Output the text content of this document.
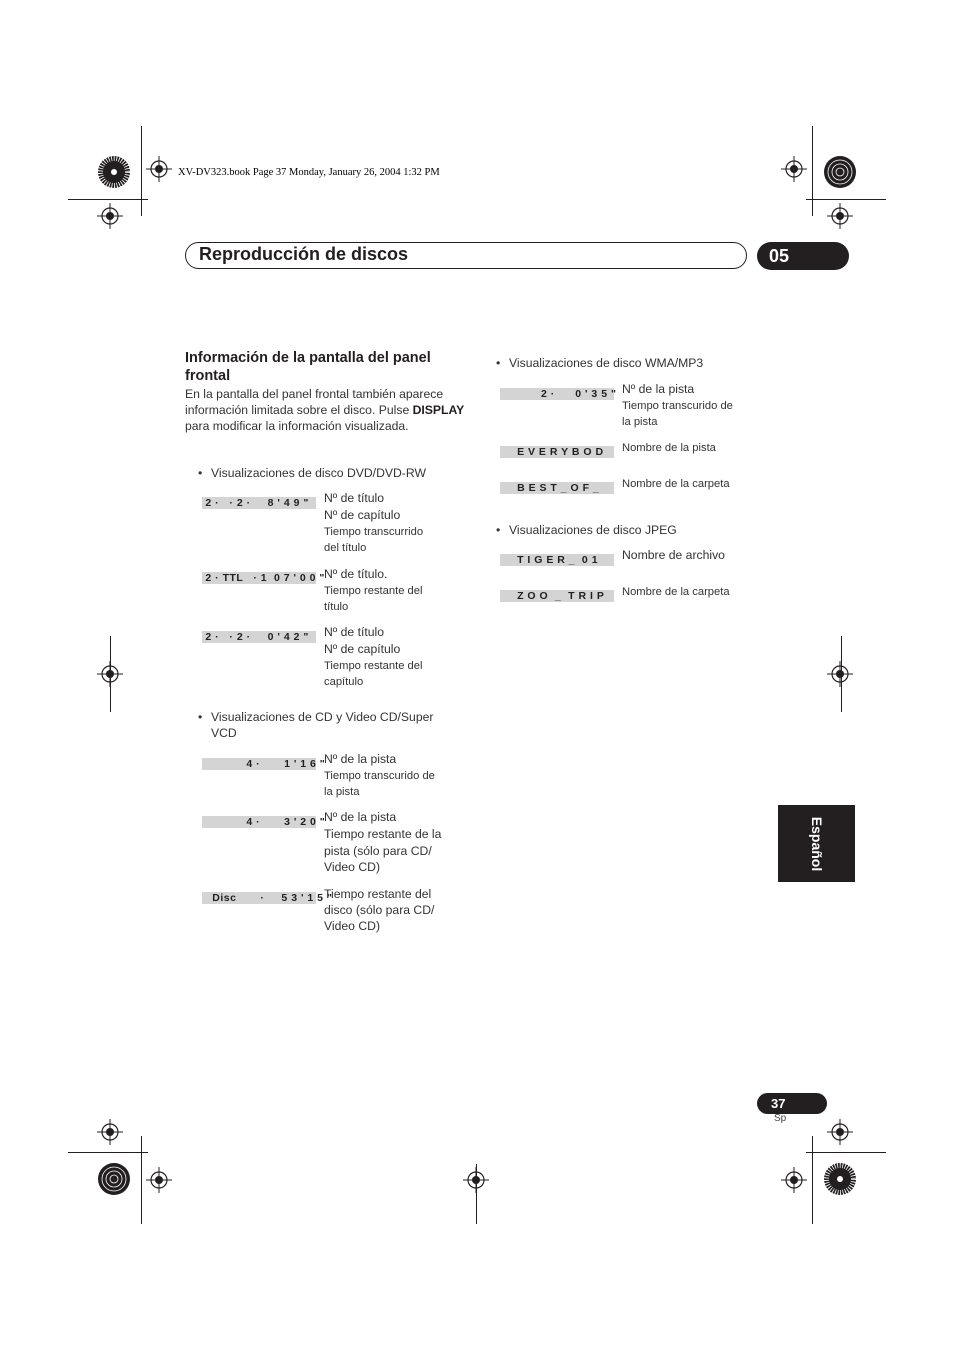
XV-DV323.book Page 37 Monday, January 26, 2004 1:32 PM
Reproducción de discos	05
Español
Información de la pantalla del panel frontal
En la pantalla del panel frontal también aparece información limitada sobre el disco. Pulse DISPLAY para modificar la información visualizada.
• Visualizaciones de disco DVD/DVD-RW
2 ·   · 2 ·     8 ' 4 9 "	Nº de título
Nº de capítulo
Tiempo transcurrido
del título
2 · TTL   · 1  0 7 ' 0 0 " Nº de título.
Tiempo restante del
título
2 ·   · 2 ·     0 ' 4 2 "	Nº de título
Nº de capítulo
Tiempo restante del
capítulo
• Visualizaciones de CD y Video CD/Super
VCD
4 ·       1 ' 1 6 "
Nº de la pista
Tiempo transcurido de
la pista
4 ·       3 ' 2 0 "
Nº de la pista
Tiempo restante de la
pista (sólo para CD/
Video CD)
Disc       ·     5 3 ' 1 5 "
Tiempo restante del
disco (sólo para CD/
Video CD)
• Visualizaciones de disco WMA/MP3
2 ·      0 ' 3 5 " Nº de la pista
Tiempo transcurido de
la pista
E V E R Y B O D	Nombre de la pista
B E S T _ O F _	Nombre de la carpeta
• Visualizaciones de disco JPEG
T I G E R _  0 1	Nombre de archivo
Z O O  _  T R I P	Nombre de la carpeta
37
Sp
